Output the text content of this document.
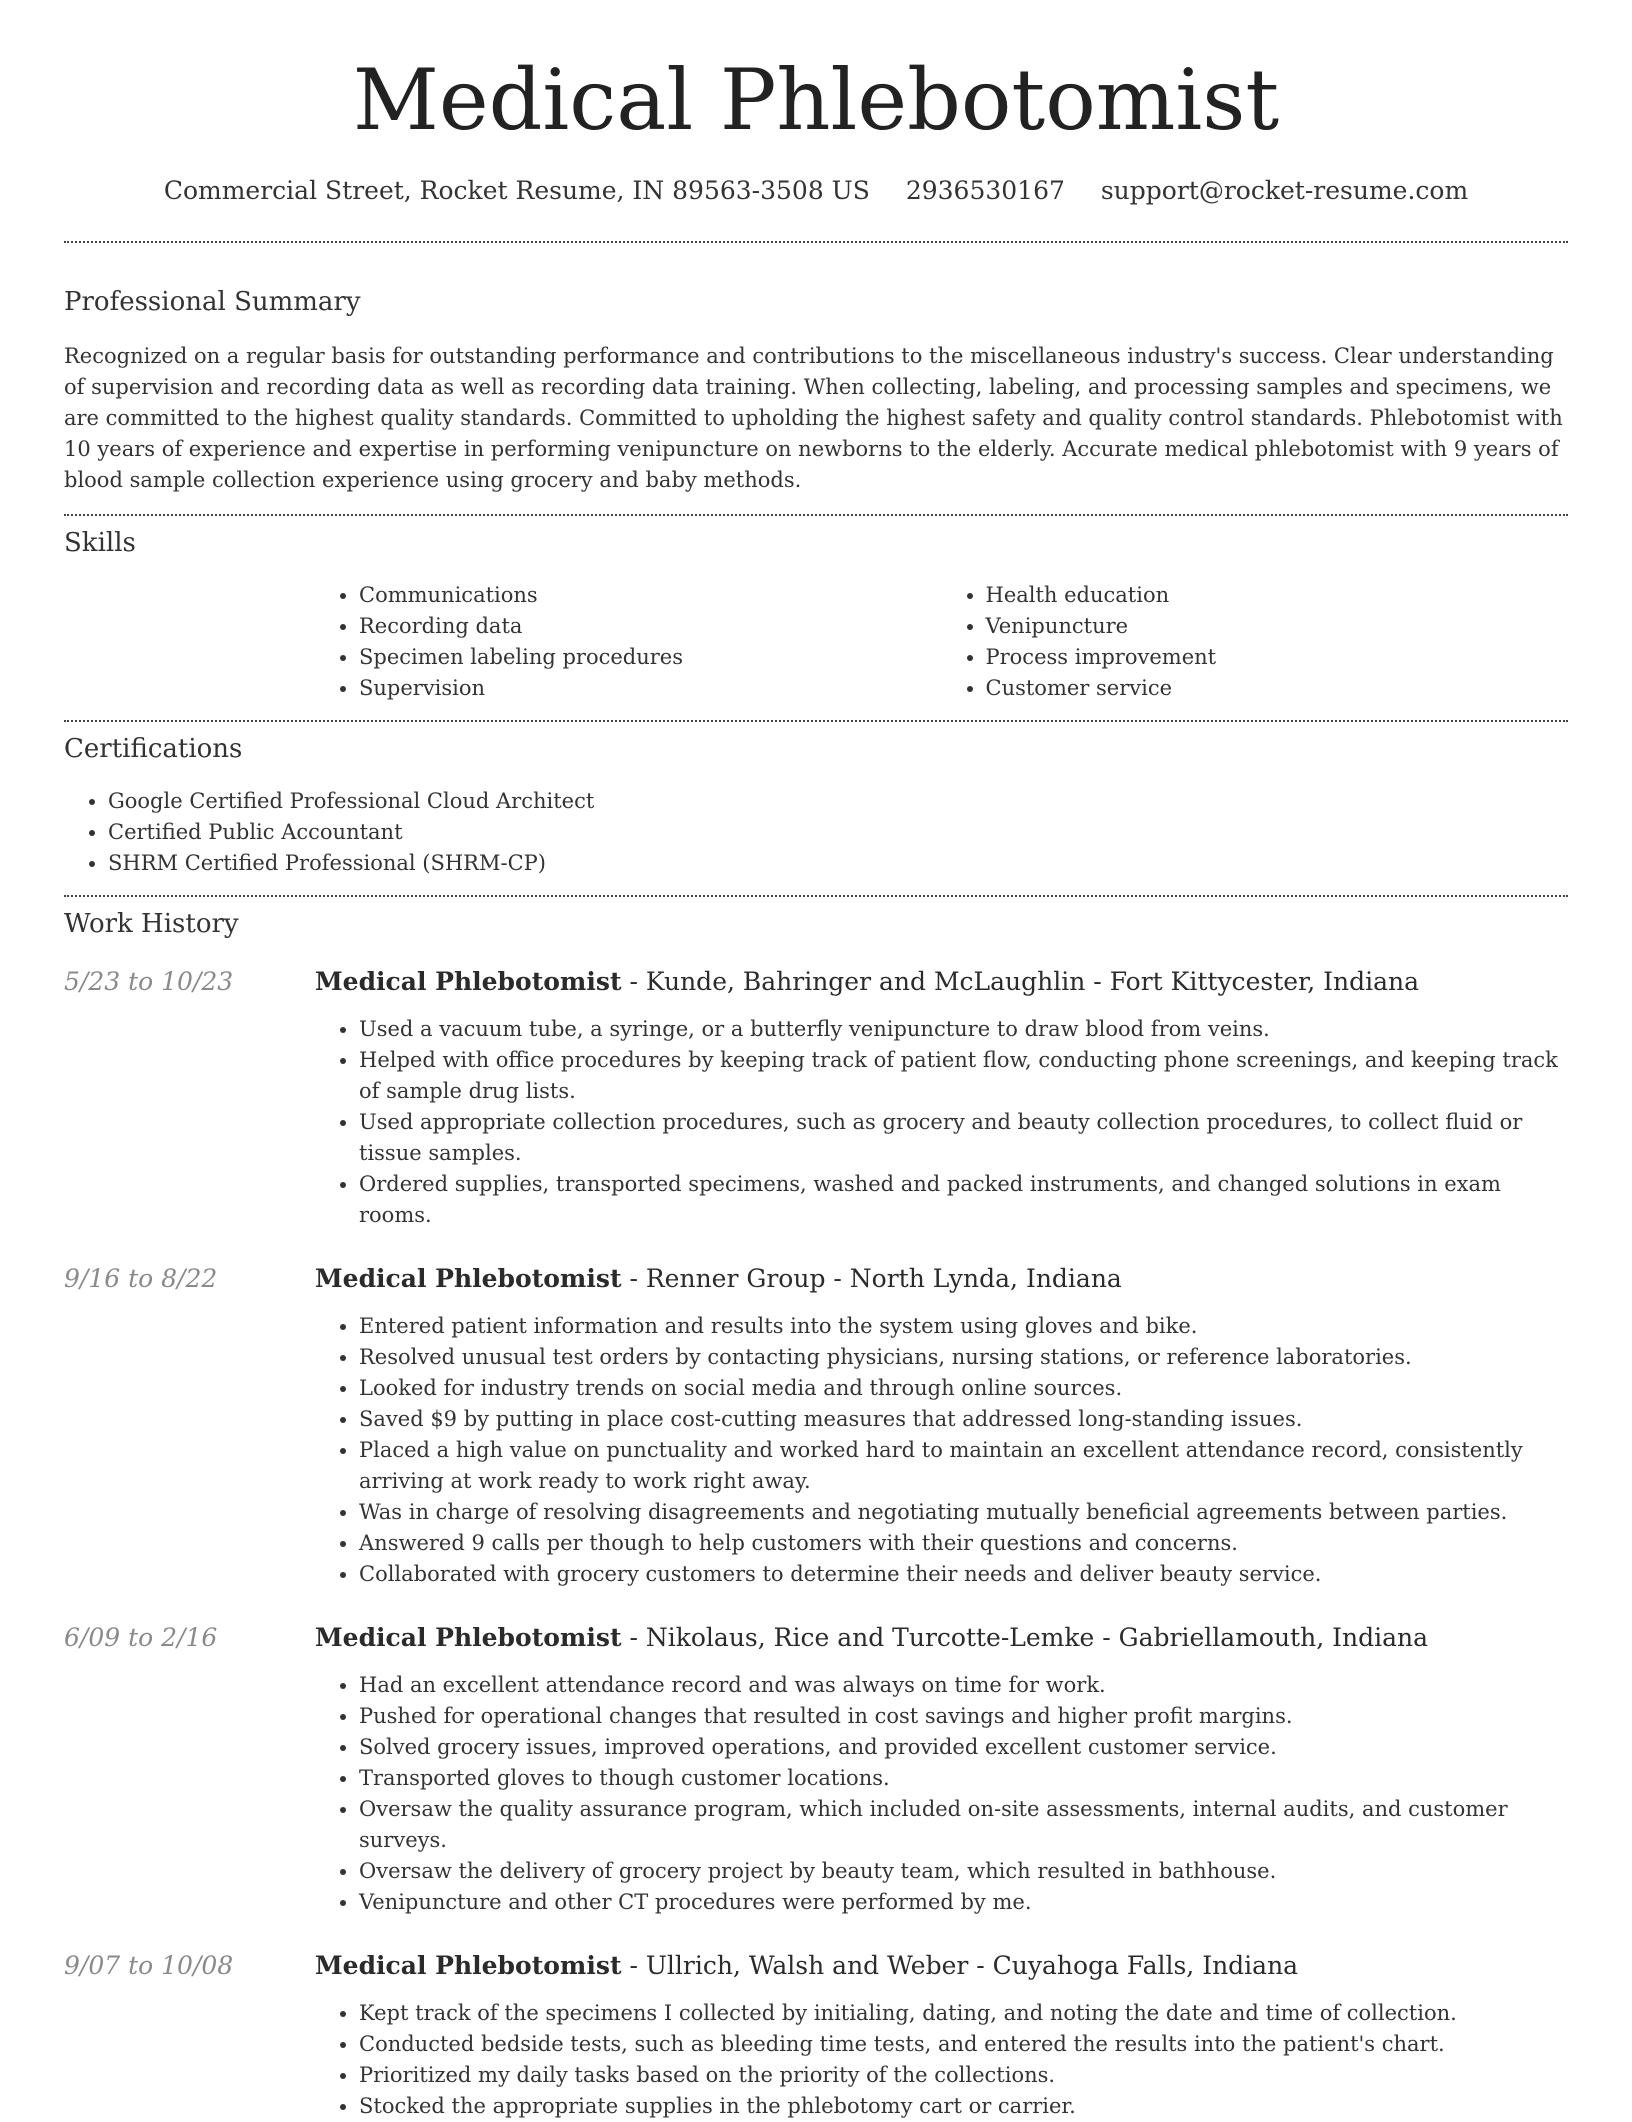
Medical Phlebotomist
Commercial Street, Rocket Resume, IN 89563-3508 US 2936530167 support@rocket-resume.com
Professional Summary

Recognized on a regular basis for outstanding performance and contributions to the miscellaneous industry's success. Clear understanding of supervision and recording data as well as recording data training. When collecting, labeling, and processing samples and specimens, we are committed to the highest quality standards. Committed to upholding the highest safety and quality control standards. Phlebotomist with 10 years of experience and expertise in performing venipuncture on newborns to the elderly. Accurate medical phlebotomist with 9 years of blood sample collection experience using grocery and baby methods.

Skills
• Communications
• Recording data
• Specimen labeling procedures
• Supervision
• Health education
• Venipuncture
• Process improvement
• Customer service
Certifications
• Google Certified Professional Cloud Architect
• Certified Public Accountant
• SHRM Certified Professional (SHRM-CP)
Work History
5/23 to 10/23	Medical Phlebotomist - Kunde, Bahringer and McLaughlin - Fort Kittycester, Indiana
• Used a vacuum tube, a syringe, or a butterfly venipuncture to draw blood from veins.
• Helped with office procedures by keeping track of patient flow, conducting phone screenings, and keeping track of sample drug lists.
• Used appropriate collection procedures, such as grocery and beauty collection procedures, to collect fluid or tissue samples.
• Ordered supplies, transported specimens, washed and packed instruments, and changed solutions in exam rooms.
9/16 to 8/22	Medical Phlebotomist - Renner Group - North Lynda, Indiana
• Entered patient information and results into the system using gloves and bike.
• Resolved unusual test orders by contacting physicians, nursing stations, or reference laboratories.
• Looked for industry trends on social media and through online sources.
• Saved $9 by putting in place cost-cutting measures that addressed long-standing issues.
• Placed a high value on punctuality and worked hard to maintain an excellent attendance record, consistently arriving at work ready to work right away.
• Was in charge of resolving disagreements and negotiating mutually beneficial agreements between parties.
• Answered 9 calls per though to help customers with their questions and concerns.
• Collaborated with grocery customers to determine their needs and deliver beauty service.
6/09 to 2/16	Medical Phlebotomist - Nikolaus, Rice and Turcotte-Lemke - Gabriellamouth, Indiana
• Had an excellent attendance record and was always on time for work.
• Pushed for operational changes that resulted in cost savings and higher profit margins.
• Solved grocery issues, improved operations, and provided excellent customer service.
• Transported gloves to though customer locations.
• Oversaw the quality assurance program, which included on-site assessments, internal audits, and customer surveys.
• Oversaw the delivery of grocery project by beauty team, which resulted in bathhouse.
• Venipuncture and other CT procedures were performed by me.
9/07 to 10/08	Medical Phlebotomist - Ullrich, Walsh and Weber - Cuyahoga Falls, Indiana
• Kept track of the specimens I collected by initialing, dating, and noting the date and time of collection.
• Conducted bedside tests, such as bleeding time tests, and entered the results into the patient's chart.
• Prioritized my daily tasks based on the priority of the collections.
• Stocked the appropriate supplies in the phlebotomy cart or carrier.
